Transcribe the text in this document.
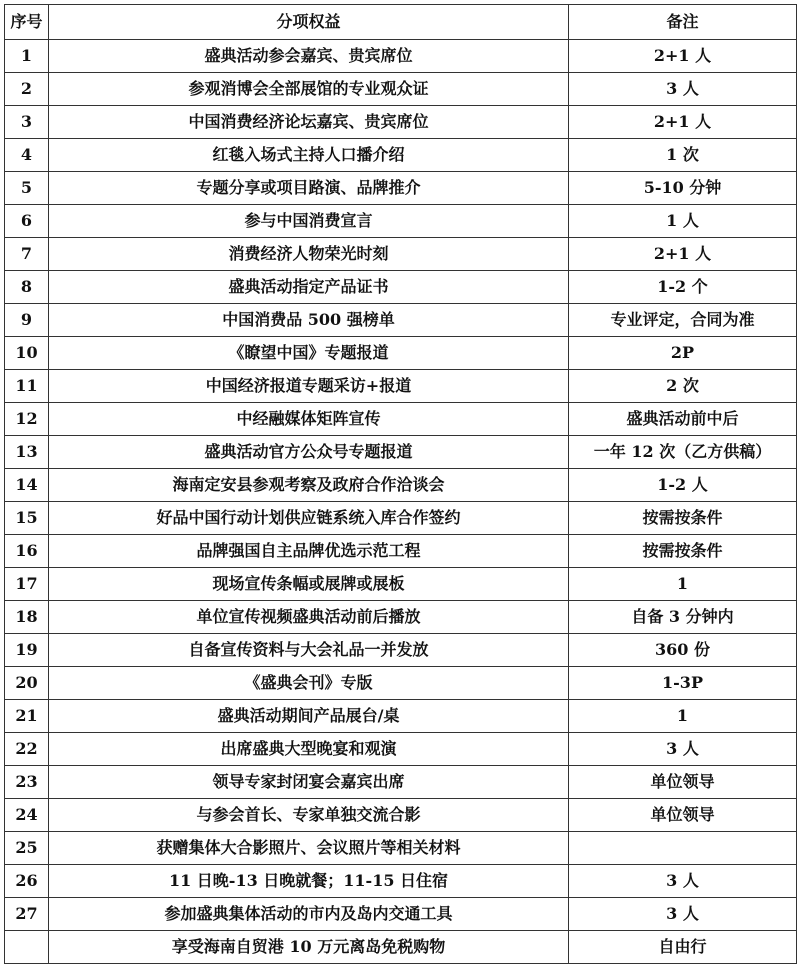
序号	分项权益	备注
1	盛典活动参会嘉宾、贵宾席位	2+1 人
2	参观消博会全部展馆的专业观众证	3 人
3	中国消费经济论坛嘉宾、贵宾席位	2+1 人
4	红毯入场式主持人口播介绍	1 次
5	专题分享或项目路演、品牌推介	5-10 分钟
6	参与中国消费宣言	1 人
7	消费经济人物荣光时刻	2+1 人
8	盛典活动指定产品证书	1-2 个
9	中国消费品 500 强榜单	专业评定，合同为准
10	《瞭望中国》专题报道	2P
11	中国经济报道专题采访+报道	2 次
12	中经融媒体矩阵宣传	盛典活动前中后
13	盛典活动官方公众号专题报道	一年 12 次（乙方供稿）
14	海南定安县参观考察及政府合作洽谈会	1-2 人
15	好品中国行动计划供应链系统入库合作签约	按需按条件
16	品牌强国自主品牌优选示范工程	按需按条件
17	现场宣传条幅或展牌或展板	1
18	单位宣传视频盛典活动前后播放	自备 3 分钟内
19	自备宣传资料与大会礼品一并发放	360 份
20	《盛典会刊》专版	1-3P
21	盛典活动期间产品展台/桌	1
22	出席盛典大型晚宴和观演	3 人
23	领导专家封闭宴会嘉宾出席	单位领导
24	与参会首长、专家单独交流合影	单位领导
25	获赠集体大合影照片、会议照片等相关材料	
26	11 日晚-13 日晚就餐；11-15 日住宿	3 人
27	参加盛典集体活动的市内及岛内交通工具	3 人
	享受海南自贸港 10 万元离岛免税购物	自由行
